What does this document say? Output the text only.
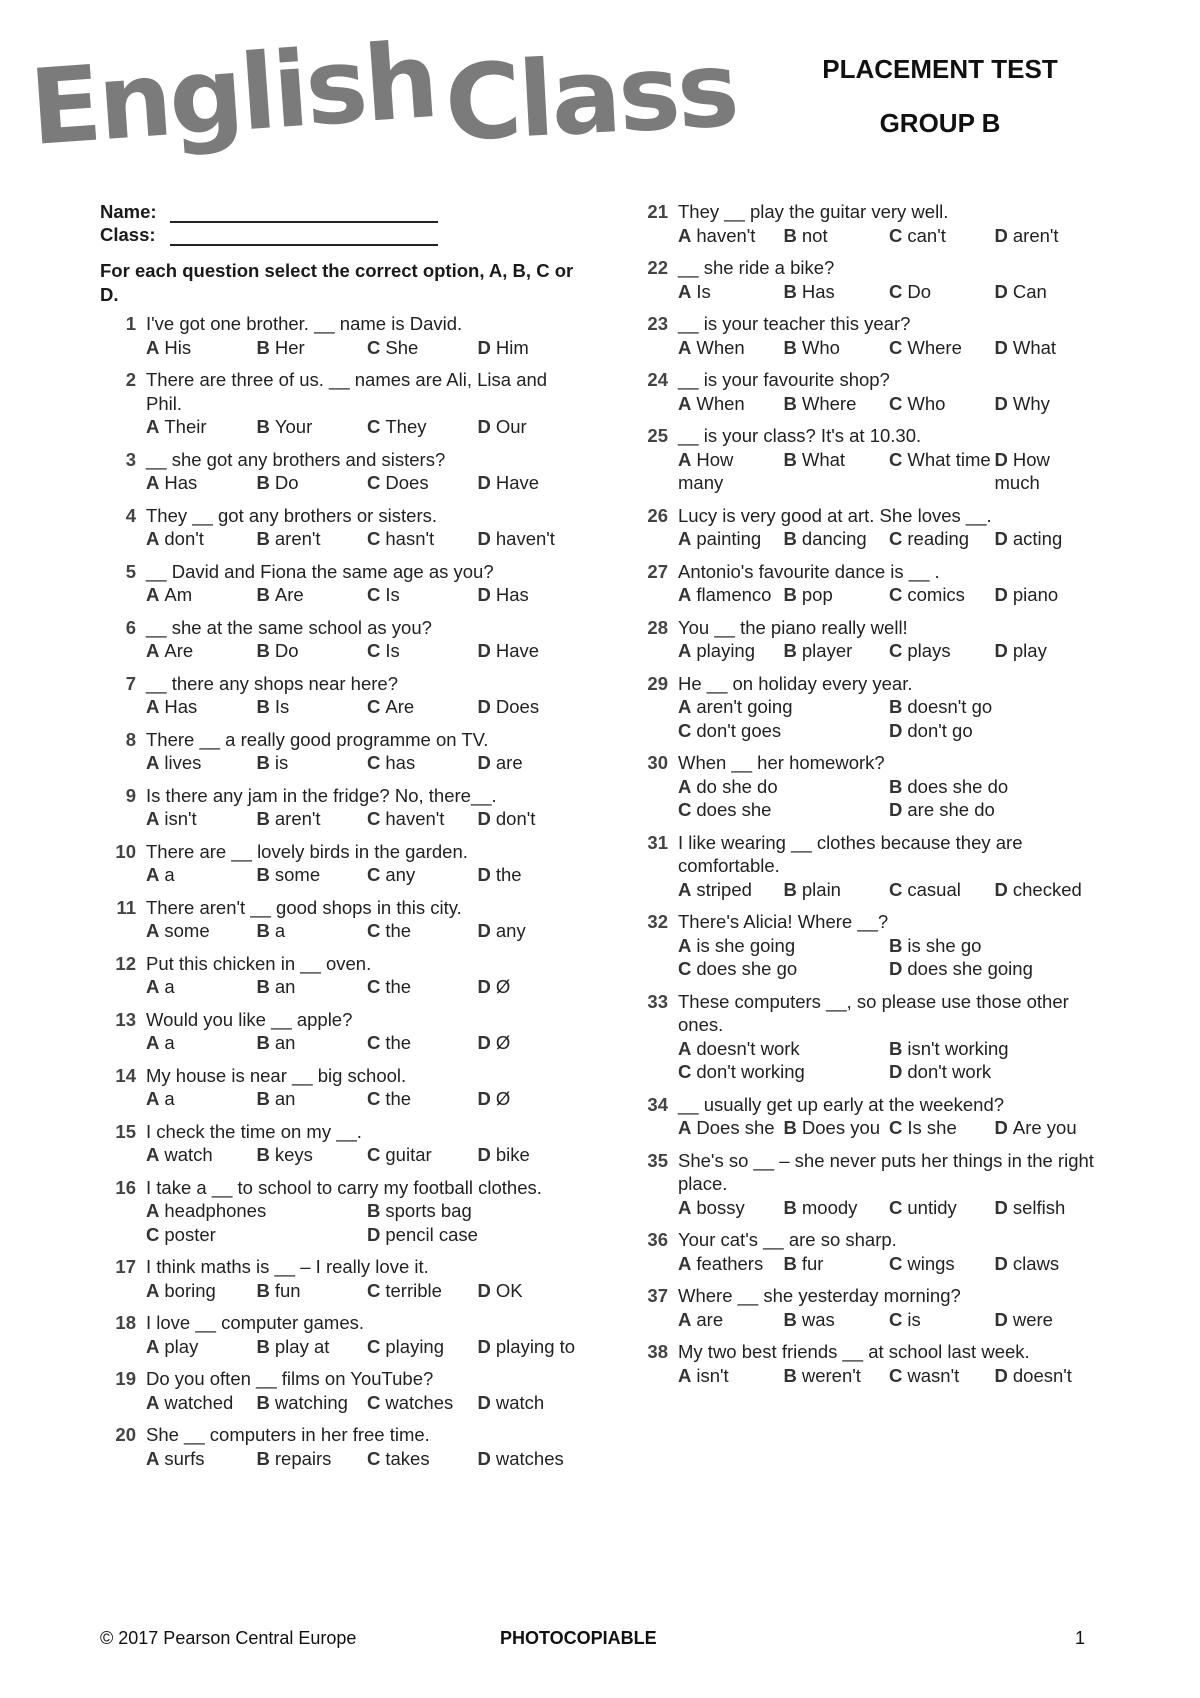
English Class	PLACEMENT TEST
GROUP B
Name:
Class:
For each question select the correct option, A, B, C or D.
1 I've got one brother. __ name is David.
A His	B Her	C She	D Him
2 There are three of us. __ names are Ali, Lisa and Phil.
A Their	B Your	C They	D Our
3 __ she got any brothers and sisters?
A Has	B Do	C Does	D Have
4 They __ got any brothers or sisters.
A don't	B aren't	C hasn't	D haven't
5 __ David and Fiona the same age as you?
A Am	B Are	C Is	D Has
6 __ she at the same school as you?
A Are	B Do	C Is	D Have
7 __ there any shops near here?
A Has	B Is	C Are	D Does
8 There __ a really good programme on TV.
A lives	B is	C has	D are
9 Is there any jam in the fridge? No, there__.
A isn't	B aren't	C haven't	D don't
10 There are __ lovely birds in the garden.
A a	B some	C any	D the
11 There aren't __ good shops in this city.
A some	B a	C the	D any
12 Put this chicken in __ oven.
A a	B an	C the	D Ø
13 Would you like __ apple?
A a	B an	C the	D Ø
14 My house is near __ big school.
A a	B an	C the	D Ø
15 I check the time on my __.
A watch	B keys	C guitar	D bike
16 I take a __ to school to carry my football clothes.
A headphones	B sports bag
C poster	D pencil case
17 I think maths is __ – I really love it.
A boring	B fun	C terrible	D OK
18 I love __ computer games.
A play	B play at	C playing	D playing to
19 Do you often __ films on YouTube?
A watched	B watching	C watches	D watch
20 She __ computers in her free time.
A surfs	B repairs	C takes	D watches
21 They __ play the guitar very well.
A haven't	B not	C can't	D aren't
22 __ she ride a bike?
A Is	B Has	C Do	D Can
23 __ is your teacher this year?
A When	B Who	C Where	D What
24 __ is your favourite shop?
A When	B Where	C Who	D Why
25 __ is your class? It's at 10.30.
A How many
B What	C What time D How much
26 Lucy is very good at art. She loves __.
A painting	B dancing	C reading	D acting
27 Antonio's favourite dance is __ .
A flamenco B pop	C comics	D piano
28 You __ the piano really well!
A playing	B player	C plays	D play
29 He __ on holiday every year.
A aren't going	B doesn't go
C don't goes	D don't go
30 When __ her homework?
A do she do	B does she do
C does she	D are she do
31 I like wearing __ clothes because they are comfortable.
A striped	B plain	C casual	D checked
32 There's Alicia! Where __?
A is she going	B is she go
C does she go	D does she going
33 These computers __, so please use those other ones.
A doesn't work	B isn't working
C don't working	D don't work
34 __ usually get up early at the weekend?
A Does she B Does you C Is she	D Are you
35 She's so __ – she never puts her things in the right place.
A bossy	B moody	C untidy	D selfish
36 Your cat's __ are so sharp.
A feathers	B fur	C wings	D claws
37 Where __ she yesterday morning?
A are	B was	C is	D were
38 My two best friends __ at school last week.
A isn't	B weren't	C wasn't	D doesn't
© 2017 Pearson Central Europe	PHOTOCOPIABLE	1
